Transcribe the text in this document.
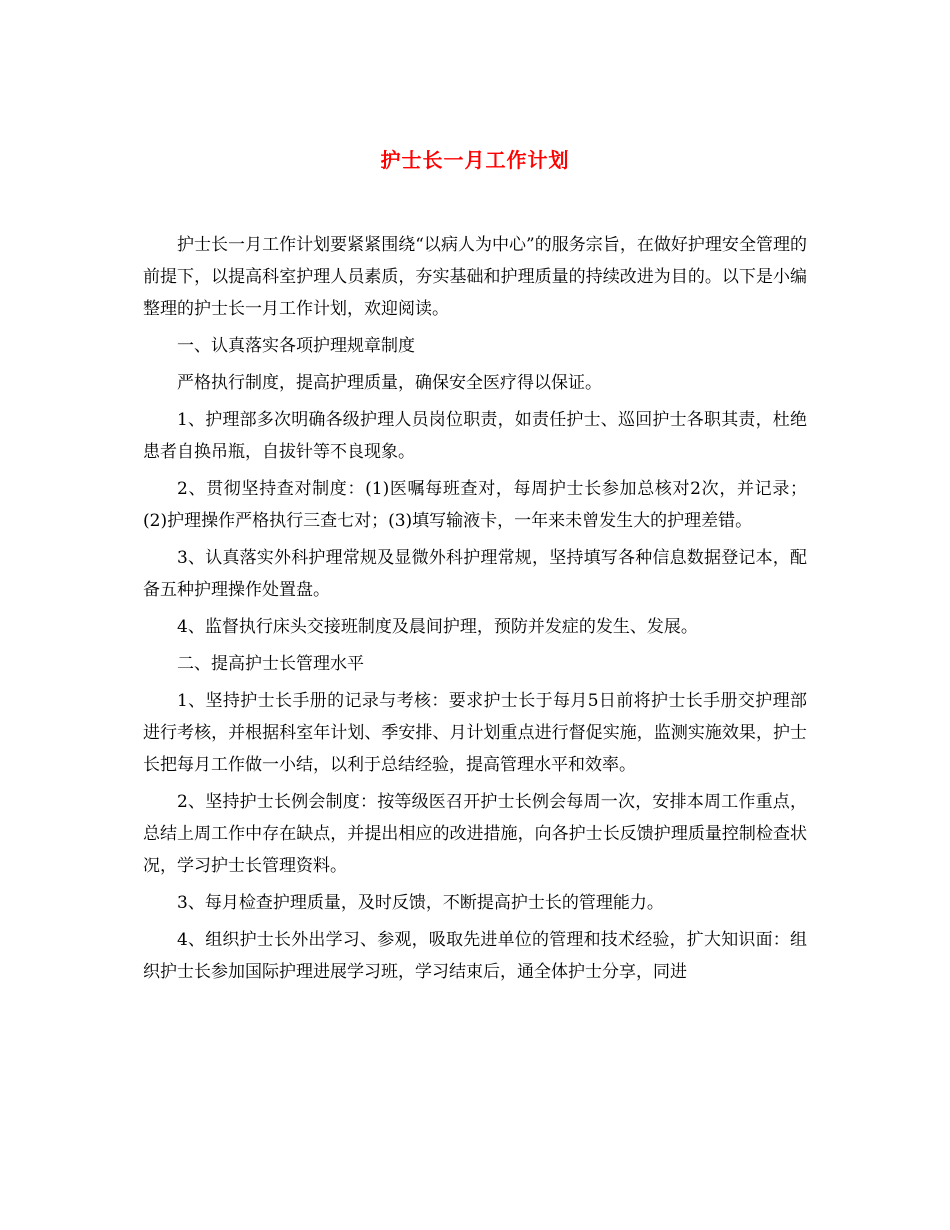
护士长一月工作计划

护士长一月工作计划要紧紧围绕“以病人为中心”的服务宗旨，在做好护理安全管理的前提下，以提高科室护理人员素质，夯实基础和护理质量的持续改进为目的。以下是小编整理的护士长一月工作计划，欢迎阅读。

一、认真落实各项护理规章制度

严格执行制度，提高护理质量，确保安全医疗得以保证。

1、护理部多次明确各级护理人员岗位职责，如责任护士、巡回护士各职其责，杜绝患者自换吊瓶，自拔针等不良现象。

2、贯彻坚持查对制度：(1)医嘱每班查对，每周护士长参加总核对2次，并记录；(2)护理操作严格执行三查七对；(3)填写输液卡，一年来未曾发生大的护理差错。

3、认真落实外科护理常规及显微外科护理常规，坚持填写各种信息数据登记本，配备五种护理操作处置盘。

4、监督执行床头交接班制度及晨间护理，预防并发症的发生、发展。

二、提高护士长管理水平

1、坚持护士长手册的记录与考核：要求护士长于每月5日前将护士长手册交护理部进行考核，并根据科室年计划、季安排、月计划重点进行督促实施，监测实施效果，护士长把每月工作做一小结，以利于总结经验，提高管理水平和效率。

2、坚持护士长例会制度：按等级医召开护士长例会每周一次，安排本周工作重点，总结上周工作中存在缺点，并提出相应的改进措施，向各护士长反馈护理质量控制检查状况，学习护士长管理资料。

3、每月检查护理质量，及时反馈，不断提高护士长的管理能力。

4、组织护士长外出学习、参观，吸取先进单位的管理和技术经验，扩大知识面：组织护士长参加国际护理进展学习班，学习结束后，通全体护士分享，同进
